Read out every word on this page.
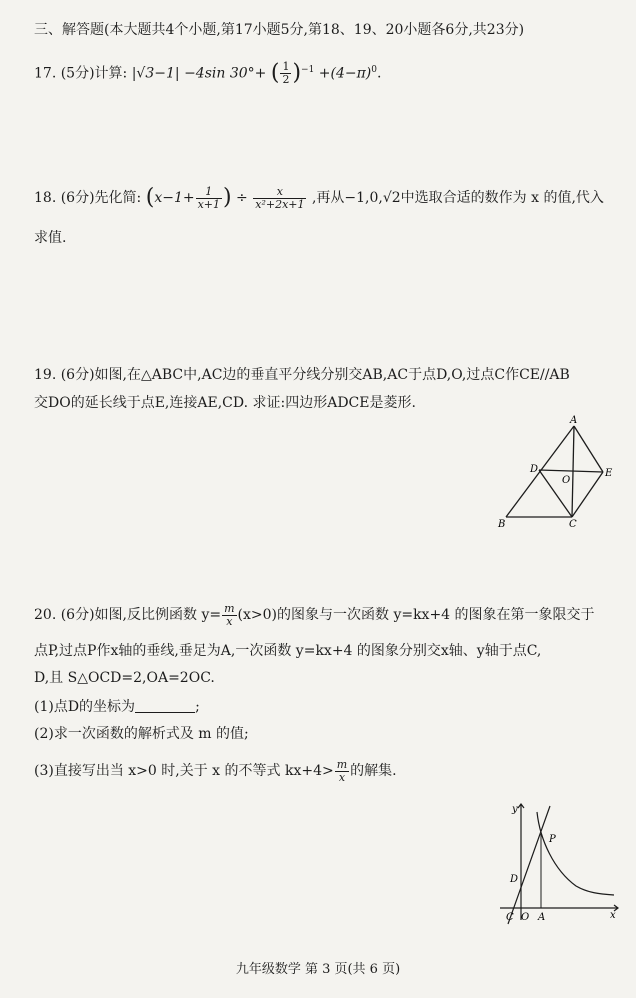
三、解答题(本大题共4个小题,第17小题5分,第18、19、20小题各6分,共23分)
17. (5分)计算: |√3−1| −4sin 30°+ ( $\frac{1}{2} )^{-1} +(4-\pi)^0$.
18. (6分)先化简: ($x-1+ \frac{1}{x+1}$ ) ÷ $\frac{x}{\text{x²+2x+1}}$ ,再从−1,0,√2中选取合适的数作为 x 的值,代入
求值.
19. (6分)如图,在△ABC中,AC边的垂直平分线分别交AB,AC于点D,O,过点C作CE//AB
交DO的延长线于点E,连接AE,CD. 求证:四边形ADCE是菱形.
A
B	C
D	E
O
20. (6分)如图,反比例函数 $y= \frac{m}{x} (x>0)$的图象与一次函数 y=kx+4 的图象在第一象限交于
点P,过点P作x轴的垂线,垂足为A,一次函数 y=kx+4 的图象分别交x轴、y轴于点C,
D,且 S△OCD=2,OA=2OC.
(1)点D的坐标为	;
(2)求一次函数的解析式及 m 的值;
(3)直接写出当 x>0 时,关于 x 的不等式 $kx+4> \frac{m}{x}$ 的解集.
y
x
P
D
C O A
九年级数学 第 3 页(共 6 页)
